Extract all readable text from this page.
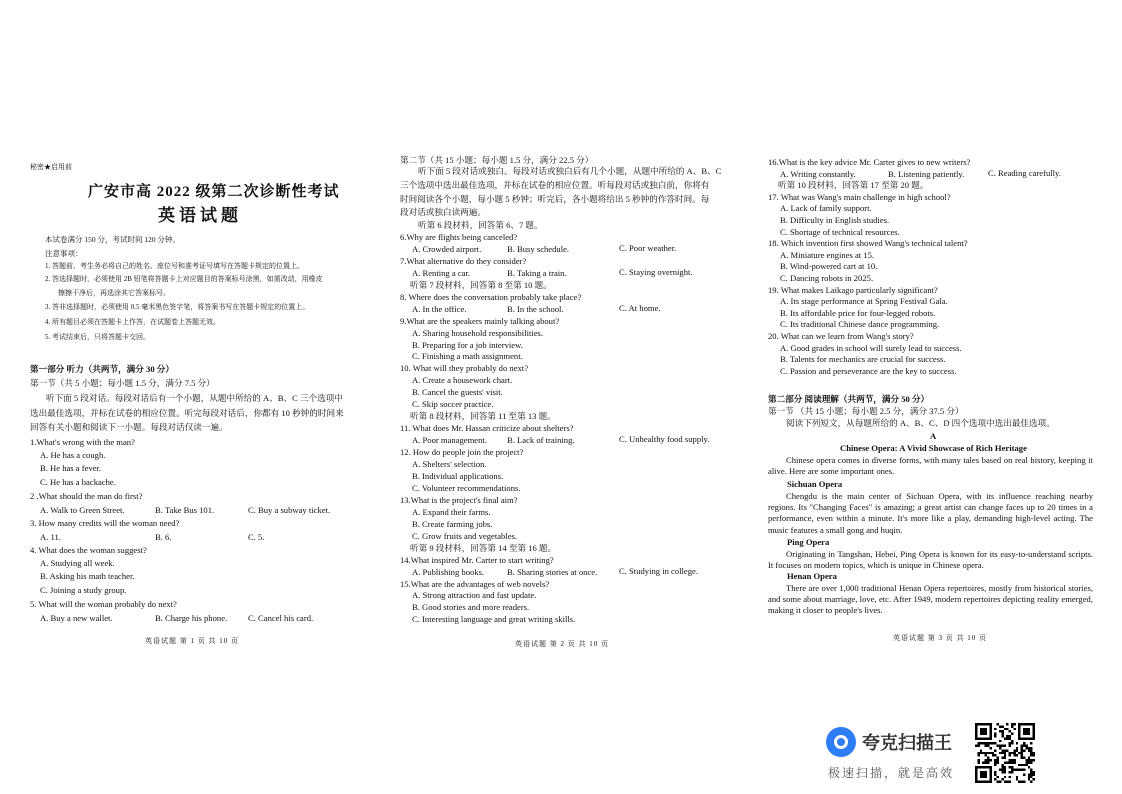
秘密★启用前
广安市高 2022 级第二次诊断性考试
英语试题
本试卷满分 150 分，考试时间 120 分钟。
注意事项：
1. 答题前，考生务必将自己的姓名、座位号和准考证号填写在答题卡规定的位置上。
2. 答选择题时，必须使用 2B 铅笔将答题卡上对应题目的答案标号涂黑，如需改动，用橡皮
擦擦干净后，再选涂其它答案标号。
3. 答非选择题时，必须使用 0.5 毫米黑色签字笔，将答案书写在答题卡规定的位置上。
4. 所有题目必须在答题卡上作答，在试题卷上答题无效。
5. 考试结束后，只将答题卡交回。
第一部分 听力（共两节，满分 30 分）
第一节（共 5 小题；每小题 1.5 分，满分 7.5 分）
听下面 5 段对话。每段对话后有一个小题，从题中所给的 A、B、C 三个选项中
选出最佳选项，并标在试卷的相应位置。听完每段对话后，你都有 10 秒钟的时间来
回答有关小题和阅读下一小题。每段对话仅读一遍。
1.What's wrong with the man?
A. He has a cough.
B. He has a fever.
C. He has a backache.
2 .What should the man do first?
A. Walk to Green Street.	B. Take Bus 101.	C. Buy a subway ticket.
3. How many credits will the woman need?
A. 11.	B. 6.	C. 5.
4. What does the woman suggest?
A. Studying all week.
B. Asking his math teacher.
C. Joining a study group.
5. What will the woman probably do next?
A. Buy a new wallet.	B. Charge his phone. C. Cancel his card.
英语试题 第 1 页 共 10 页
第二节（共 15 小题；每小题 1.5 分，满分 22.5 分）
听下面 5 段对话或独白。每段对话或独白后有几个小题，从题中所给的 A、B、C
三个选项中选出最佳选项，并标在试卷的相应位置。听每段对话或独白前，你将有
时间阅读各个小题，每小题 5 秒钟；听完后，各小题将给出 5 秒钟的作答时间。每
段对话或独白读两遍。
听第 6 段材料，回答第 6、7 题。
6.Why are flights being canceled?
A. Crowded airport.	B. Busy schedule.	C. Poor weather.
7.What alternative do they consider?
A. Renting a car.	B. Taking a train.	C. Staying overnight.
听第 7 段材料，回答第 8 至第 10 题。
8. Where does the conversation probably take place?
A. In the office.	B. In the school.	C. At home.
9.What are the speakers mainly talking about?
A. Sharing household responsibilities.
B. Preparing for a job interview.
C. Finishing a math assignment.
10. What will they probably do next?
A. Create a housework chart.
B. Cancel the guests' visit.
C. Skip soccer practice.
听第 8 段材料，回答第 11 至第 13 题。
11. What does Mr. Hassan criticize about shelters?
A. Poor management. B. Lack of training.	C. Unhealthy food supply.
12. How do people join the project?
A. Shelters' selection.
B. Individual applications.
C. Volunteer recommendations.
13.What is the project's final aim?
A. Expand their farms.
B. Create farming jobs.
C. Grow fruits and vegetables.
听第 9 段材料，回答第 14 至第 16 题。
14.What inspired Mr. Carter to start writing?
A. Publishing books.	B. Sharing stories at once.	C. Studying in college.
15.What are the advantages of web novels?
A. Strong attraction and fast update.
B. Good stories and more readers.
C. Interesting language and great writing skills.
英语试题 第 2 页 共 10 页
16.What is the key advice Mr. Carter gives to new writers?
A. Writing constantly.	B. Listening patiently.	C. Reading carefully.
听第 10 段材料，回答第 17 至第 20 题。
17. What was Wang's main challenge in high school?
A. Lack of family support.
B. Difficulty in English studies.
C. Shortage of technical resources.
18. Which invention first showed Wang's technical talent?
A. Miniature engines at 15.
B. Wind-powered cart at 10.
C. Dancing robots in 2025.
19. What makes Laikago particularly significant?
A. Its stage performance at Spring Festival Gala.
B. Its affordable price for four-legged robots.
C. Its traditional Chinese dance programming.
20. What can we learn from Wang's story?
A. Good grades in school will surely lead to success.
B. Talents for mechanics are crucial for success.
C. Passion and perseverance are the key to success.
第二部分 阅读理解（共两节，满分 50 分）
第一节 （共 15 小题；每小题 2.5 分，满分 37.5 分）
阅读下列短文，从每题所给的 A、B、C、D 四个选项中选出最佳选项。
A
Chinese Opera: A Vivid Showcase of Rich Heritage
Chinese opera comes in diverse forms, with many tales based on real history, keeping it alive. Here are some important ones.
Sichuan Opera
Chengdu is the main center of Sichuan Opera, with its influence reaching nearby regions. Its "Changing Faces" is amazing; a great artist can change faces up to 20 times in a performance, even within a minute. It's more like a play, demanding high-level acting. The music features a small gong and huqin.
Ping Opera
Originating in Tangshan, Hebei, Ping Opera is known for its easy-to-understand scripts. It focuses on modern topics, which is unique in Chinese opera.
Henan Opera
There are over 1,000 traditional Henan Opera repertoires, mostly from historical stories, and some about marriage, love, etc. After 1949, modern repertoires depicting reality emerged, making it closer to people's lives.
英语试题 第 3 页 共 10 页
夸克扫描王
极速扫描，就是高效
